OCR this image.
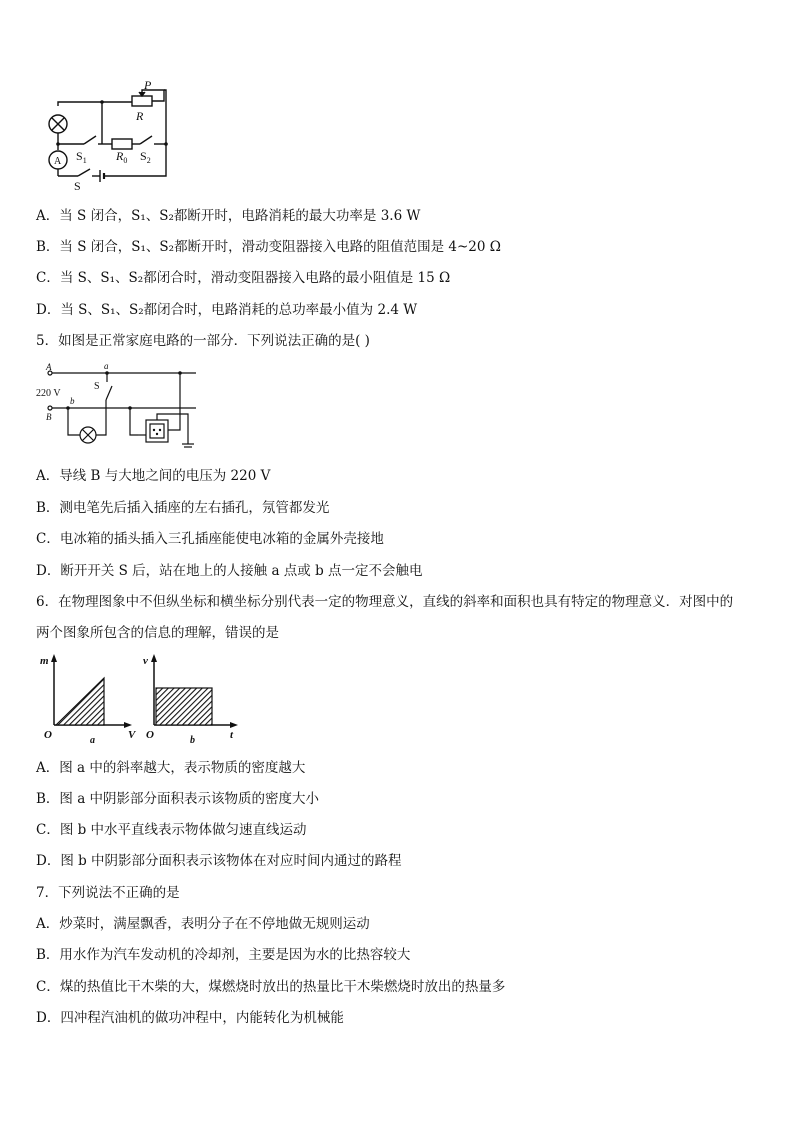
P
R
A $S_1$ $R_0$ $S_2$
S
A．当 S 闭合，S₁、S₂都断开时，电路消耗的最大功率是 3.6 W
B．当 S 闭合，S₁、S₂都断开时，滑动变阻器接入电路的阻值范围是 4~20 Ω
C．当 S、S₁、S₂都闭合时，滑动变阻器接入电路的最小阻值是 15 Ω
D．当 S、S₁、S₂都闭合时，电路消耗的总功率最小值为 2.4 W
5．如图是正常家庭电路的一部分．下列说法正确的是( )
A
220 V
B
a
S
b
A．导线 B 与大地之间的电压为 220 V
B．测电笔先后插入插座的左右插孔，氖管都发光
C．电冰箱的插头插入三孔插座能使电冰箱的金属外壳接地
D．断开开关 S 后，站在地上的人接触 a 点或 b 点一定不会触电
6．在物理图象中不但纵坐标和横坐标分别代表一定的物理意义，直线的斜率和面积也具有特定的物理意义．对图中的
两个图象所包含的信息的理解，错误的是
m
O	V
a
v
O	t
b
A．图 a 中的斜率越大，表示物质的密度越大
B．图 a 中阴影部分面积表示该物质的密度大小
C．图 b 中水平直线表示物体做匀速直线运动
D．图 b 中阴影部分面积表示该物体在对应时间内通过的路程
7．下列说法不正确的是
A．炒菜时，满屋飘香，表明分子在不停地做无规则运动
B．用水作为汽车发动机的冷却剂，主要是因为水的比热容较大
C．煤的热值比干木柴的大，煤燃烧时放出的热量比干木柴燃烧时放出的热量多
D．四冲程汽油机的做功冲程中，内能转化为机械能
